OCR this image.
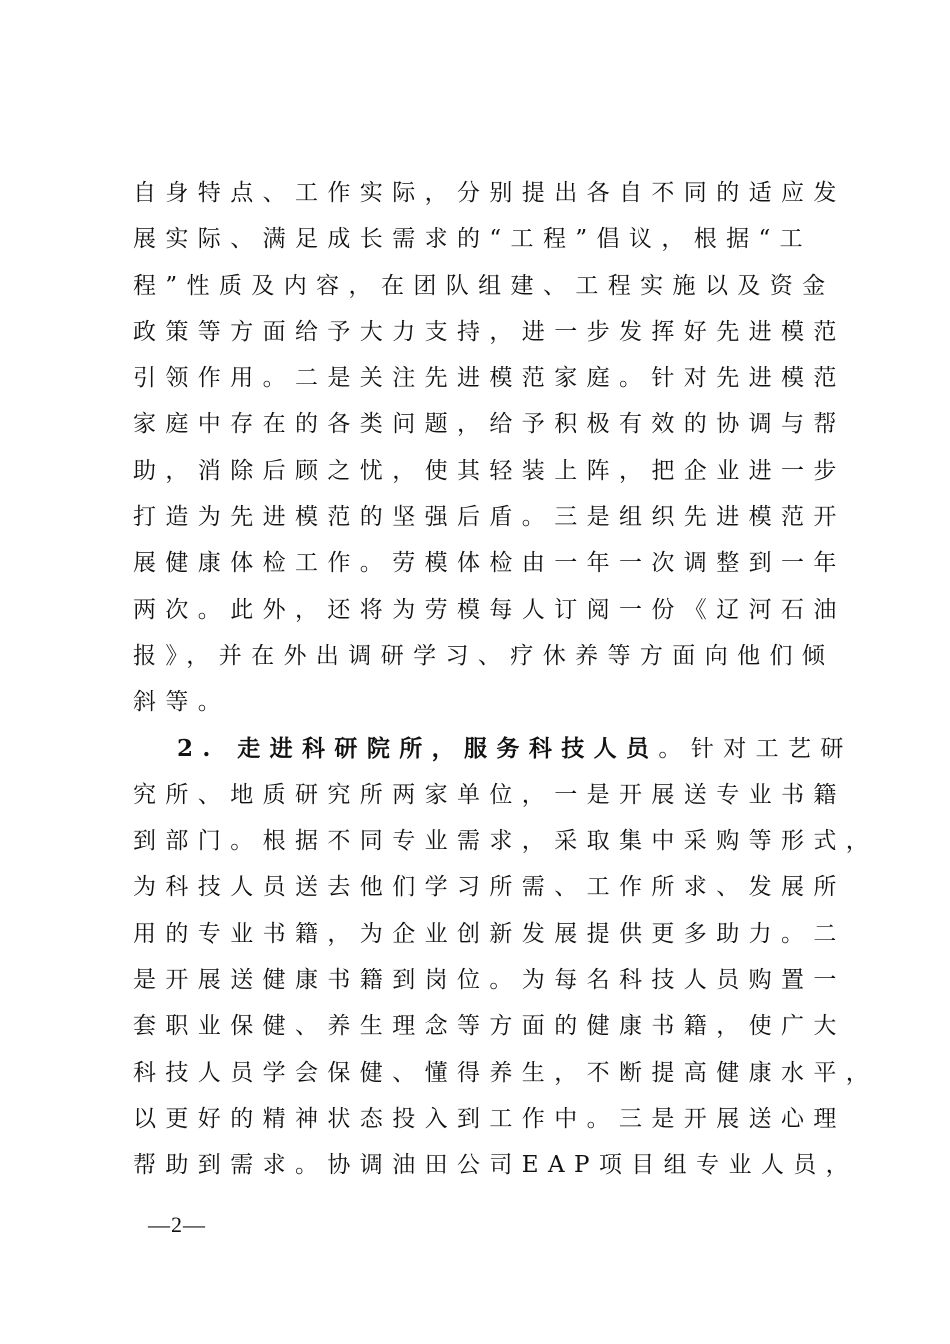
自身特点、工作实际，分别提出各自不同的适应发
展实际、满足成长需求的“工程”倡议，根据“工
程”性质及内容，在团队组建、工程实施以及资金
政策等方面给予大力支持，进一步发挥好先进模范
引领作用。二是关注先进模范家庭。针对先进模范
家庭中存在的各类问题，给予积极有效的协调与帮
助，消除后顾之忧，使其轻装上阵，把企业进一步
打造为先进模范的坚强后盾。三是组织先进模范开
展健康体检工作。劳模体检由一年一次调整到一年
两次。此外，还将为劳模每人订阅一份《辽河石油
报》，并在外出调研学习、疗休养等方面向他们倾
斜等。
2. 走进科研院所，服务科技人员。针对工艺研
究所、地质研究所两家单位，一是开展送专业书籍
到部门。根据不同专业需求，采取集中采购等形式，
为科技人员送去他们学习所需、工作所求、发展所
用的专业书籍，为企业创新发展提供更多助力。二
是开展送健康书籍到岗位。为每名科技人员购置一
套职业保健、养生理念等方面的健康书籍，使广大
科技人员学会保健、懂得养生，不断提高健康水平，
以更好的精神状态投入到工作中。三是开展送心理
帮助到需求。协调油田公司EAP项目组专业人员，
—2—
